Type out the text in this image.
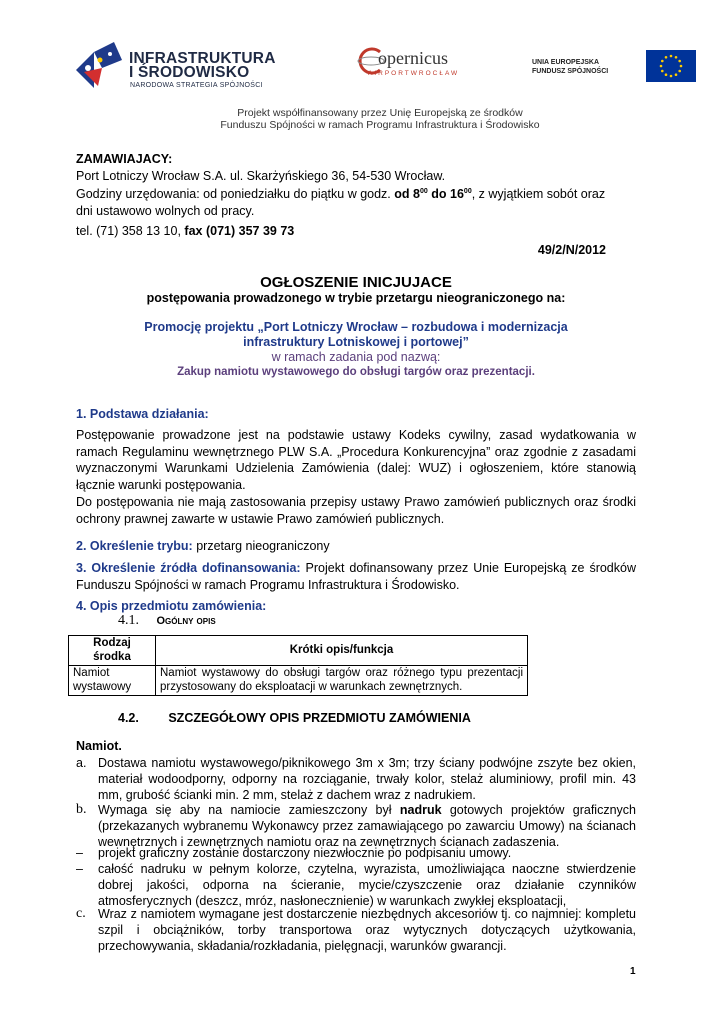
INFRASTRUKTURA
I ŚRODOWISKO
NARODOWA STRATEGIA SPÓJNOŚCI
opernicus
AIRPORTWROCŁAW
UNIA EUROPEJSKA
FUNDUSZ SPÓJNOŚCI
Projekt współfinansowany przez Unię Europejską ze środków
Funduszu Spójności w ramach Programu Infrastruktura i Środowisko
ZAMAWIAJACY:
Port Lotniczy Wrocław S.A. ul. Skarżyńskiego 36, 54-530 Wrocław.
Godziny urzędowania: od poniedziałku do piątku w godz. od $8^{00}$ do $16^{00}$, z wyjątkiem sobót oraz
dni ustawowo wolnych od pracy.
tel. (71) 358 13 10, fax (071) 357 39 73
49/2/N/2012
OGŁOSZENIE INICJUJACE
postępowania prowadzonego w trybie przetargu nieograniczonego na:
Promocję projektu „Port Lotniczy Wrocław – rozbudowa i modernizacja
infrastruktury Lotniskowej i portowej”
w ramach zadania pod nazwą:
Zakup namiotu wystawowego do obsługi targów oraz prezentacji.
1. Podstawa działania:
Postępowanie prowadzone jest na podstawie ustawy Kodeks cywilny, zasad wydatkowania w ramach Regulaminu wewnętrznego PLW S.A. „Procedura Konkurencyjna” oraz zgodnie z zasadami wyznaczonymi Warunkami Udzielenia Zamówienia (dalej: WUZ) i ogłoszeniem, które stanowią łącznie warunki postępowania.
Do postępowania nie mają zastosowania przepisy ustawy Prawo zamówień publicznych oraz środki ochrony prawnej zawarte w ustawie Prawo zamówień publicznych.
2. Określenie trybu: przetarg nieograniczony
3. Określenie źródła dofinansowania: Projekt dofinansowany przez Unie Europejską ze środków Funduszu Spójności w ramach Programu Infrastruktura i Środowisko.
4. Opis przedmiotu zamówienia:
4.1. Ogólny opis
Rodzaj środka	Krótki opis/funkcja
Namiot wystawowy	Namiot wystawowy do obsługi targów oraz różnego typu prezentacji przystosowany do eksploatacji w warunkach zewnętrznych.
4.2. SZCZEGÓŁOWY OPIS PRZEDMIOTU ZAMÓWIENIA
Namiot.
a. Dostawa namiotu wystawowego/piknikowego 3m x 3m; trzy ściany podwójne zszyte bez okien, materiał wodoodporny, odporny na rozciąganie, trwały kolor, stelaż aluminiowy, profil min. 43 mm, grubość ścianki min. 2 mm, stelaż z dachem wraz z nadrukiem.
b. Wymaga się aby na namiocie zamieszczony był nadruk gotowych projektów graficznych (przekazanych wybranemu Wykonawcy przez zamawiającego po zawarciu Umowy) na ścianach wewnętrznych i zewnętrznych namiotu oraz na zewnętrznych ścianach zadaszenia.
– projekt graficzny zostanie dostarczony niezwłocznie po podpisaniu umowy.
– całość nadruku w pełnym kolorze, czytelna, wyrazista, umożliwiająca naoczne stwierdzenie dobrej jakości, odporna na ścieranie, mycie/czyszczenie oraz działanie czynników atmosferycznych (deszcz, mróz, nasłonecznienie) w warunkach zwykłej eksploatacji,
c. Wraz z namiotem wymagane jest dostarczenie niezbędnych akcesoriów tj. co najmniej: kompletu szpil i obciążników, torby transportowa oraz wytycznych dotyczących użytkowania, przechowywania, składania/rozkładania, pielęgnacji, warunków gwarancji.
1
